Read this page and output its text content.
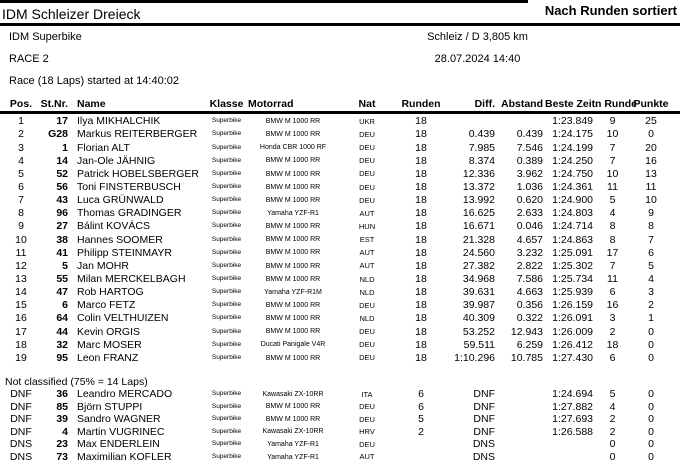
IDM Schleizer Dreieck	Nach Runden sortiert
IDM Superbike	Schleiz / D 3,805 km
RACE 2	28.07.2024 14:40
Race (18 Laps) started at 14:40:02
Pos.	St.Nr.	Name	Klasse	Motorrad	Nat	Runden	Diff.	Abstand	Beste Zeit.	n Runde	Punkte
1	17	Ilya MIKHALCHIK	Superbike	BMW M 1000 RR	UKR	18			1:23.849	9	25
2	G28	Markus REITERBERGER	Superbike	BMW M 1000 RR	DEU	18	0.439	0.439	1:24.175	10	0
3	1	Florian ALT	Superbike	Honda CBR 1000 RF	DEU	18	7.985	7.546	1:24.199	7	20
4	14	Jan-Ole JÄHNIG	Superbike	BMW M 1000 RR	DEU	18	8.374	0.389	1:24.250	7	16
5	52	Patrick HOBELSBERGER	Superbike	BMW M 1000 RR	DEU	18	12.336	3.962	1:24.750	10	13
6	56	Toni FINSTERBUSCH	Superbike	BMW M 1000 RR	DEU	18	13.372	1.036	1:24.361	11	11
7	43	Luca GRÜNWALD	Superbike	BMW M 1000 RR	DEU	18	13.992	0.620	1:24.900	5	10
8	96	Thomas GRADINGER	Superbike	Yamaha YZF-R1	AUT	18	16.625	2.633	1:24.803	4	9
9	27	Bálint KOVÁCS	Superbike	BMW M 1000 RR	HUN	18	16.671	0.046	1:24.714	8	8
10	38	Hannes SOOMER	Superbike	BMW M 1000 RR	EST	18	21.328	4.657	1:24.863	8	7
11	41	Philipp STEINMAYR	Superbike	BMW M 1000 RR	AUT	18	24.560	3.232	1:25.091	17	6
12	5	Jan MOHR	Superbike	BMW M 1000 RR	AUT	18	27.382	2.822	1:25.302	7	5
13	55	Milan MERCKELBAGH	Superbike	BMW M 1000 RR	NLD	18	34.968	7.586	1:25.734	11	4
14	47	Rob HARTOG	Superbike	Yamaha YZF-R1M	NLD	18	39.631	4.663	1:25.939	6	3
15	6	Marco FETZ	Superbike	BMW M 1000 RR	DEU	18	39.987	0.356	1:26.159	16	2
16	64	Colin VELTHUIZEN	Superbike	BMW M 1000 RR	NLD	18	40.309	0.322	1:26.091	3	1
17	44	Kevin ORGIS	Superbike	BMW M 1000 RR	DEU	18	53.252	12.943	1:26.009	2	0
18	32	Marc MOSER	Superbike	Ducati Panigale V4R	DEU	18	59.511	6.259	1:26.412	18	0
19	95	Leon FRANZ	Superbike	BMW M 1000 RR	DEU	18	1:10.296	10.785	1:27.430	6	0
Not classified (75% = 14 Laps)
DNF	36	Leandro MERCADO	Superbike	Kawasaki ZX-10RR	ITA	6	DNF		1:24.694	5	0
DNF	85	Björn STUPPI	Superbike	BMW M 1000 RR	DEU	6	DNF		1:27.882	4	0
DNF	39	Sandro WAGNER	Superbike	BMW M 1000 RR	DEU	5	DNF		1:27.693	2	0
DNF	4	Martin VUGRINEC	Superbike	Kawasaki ZX-10RR	HRV	2	DNF		1:26.588	2	0
DNS	23	Max ENDERLEIN	Superbike	Yamaha YZF-R1	DEU		DNS			0	0
DNS	73	Maximilian KOFLER	Superbike	Yamaha YZF-R1	AUT		DNS			0	0
